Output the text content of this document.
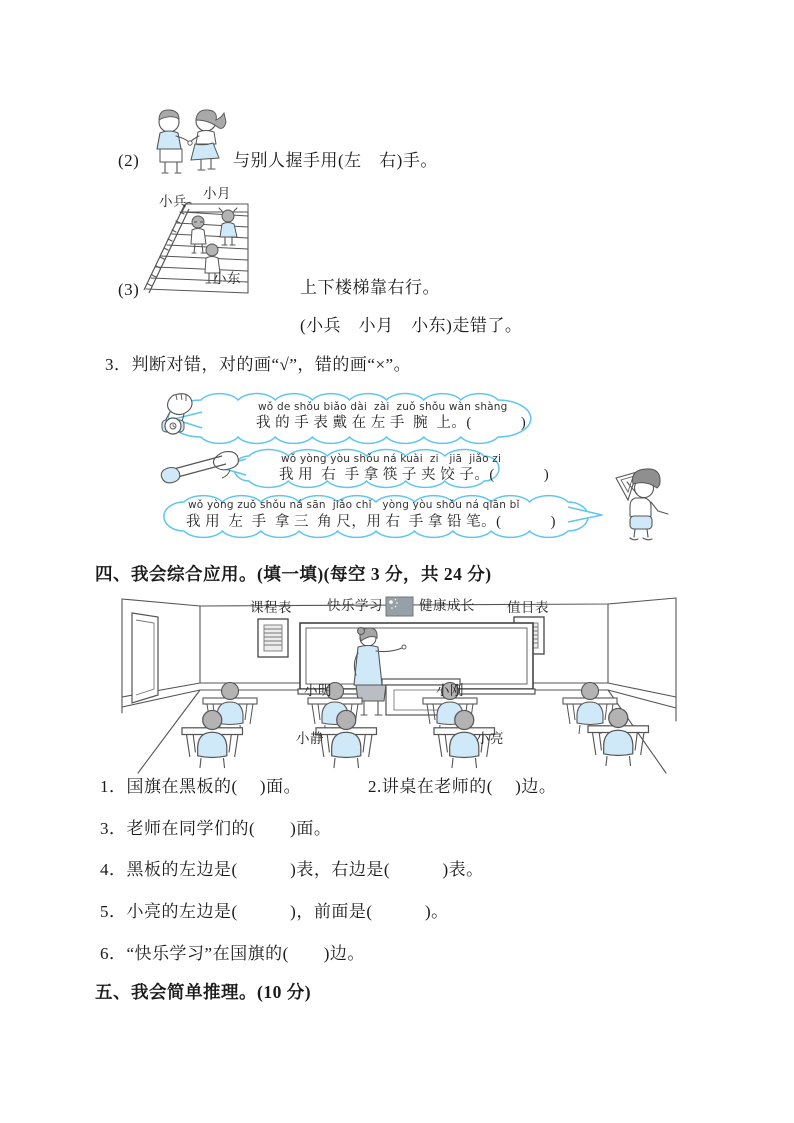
(2)	与别人握手用(左　右)手。
小兵
小月
小东
(3)	上下楼梯靠右行。
(小兵　小月　小东)走错了。
3．判断对错，对的画“√”，错的画“×”。
wǒ de shǒu biǎo dài  zài  zuǒ shǒu wàn shàng
我 的 手 表 戴 在 左 手  腕  上。(　　　 )
wǒ yòng yòu shǒu ná kuài  zi   jiā  jiǎo zi
我 用  右  手 拿 筷 子 夹 饺 子。(　　　 )
wǒ yòng zuǒ shǒu ná sān  jiǎo chǐ   yòng yòu shǒu ná qiān bǐ
我 用  左  手  拿 三  角 尺，用 右  手 拿 铅 笔。(　　　 )
四、我会综合应用。(填一填)(每空 3 分，共 24 分)
课程表	快乐学习	健康成长 值日表
小明	小刚
小静	小亮
1．国旗在黑板的(　 )面。	2.讲桌在老师的(　 )边。
3．老师在同学们的(　　)面。
4．黑板的左边是(　　　)表，右边是(　　　)表。
5．小亮的左边是(　　　)，前面是(　　　)。
6．“快乐学习”在国旗的(　　)边。
五、我会简单推理。(10 分)
